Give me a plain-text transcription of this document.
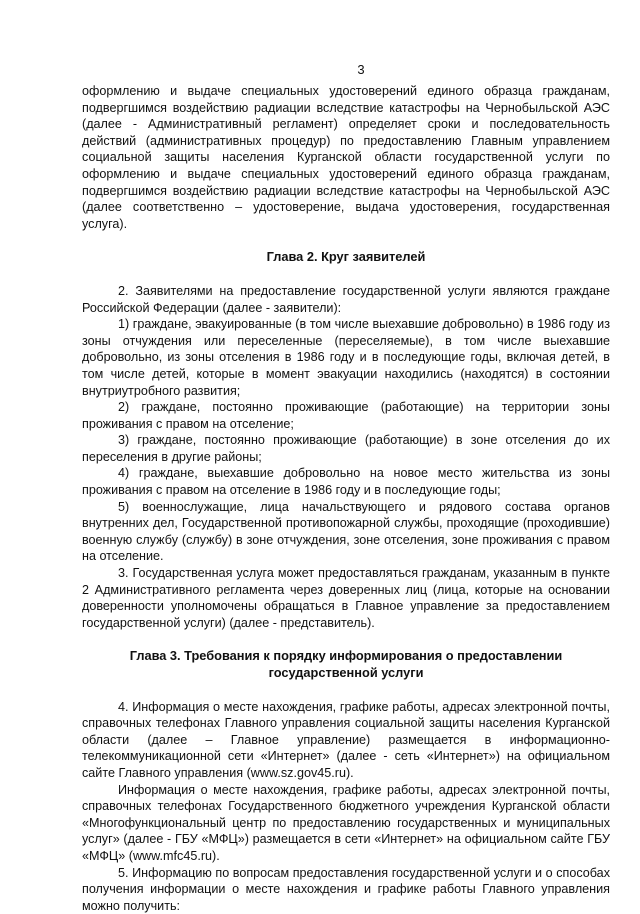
3

оформлению и выдаче специальных удостоверений единого образца гражданам, подвергшимся воздействию радиации вследствие катастрофы на Чернобыльской АЭС (далее - Административный регламент) определяет сроки и последовательность действий (административных процедур) по предоставлению Главным управлением социальной защиты населения Курганской области государственной услуги по оформлению и выдаче специальных удостоверений единого образца гражданам, подвергшимся воздействию радиации вследствие катастрофы на Чернобыльской АЭС (далее соответственно – удостоверение, выдача удостоверения, государственная услуга).

Глава 2. Круг заявителей

2. Заявителями на предоставление государственной услуги являются граждане Российской Федерации (далее - заявители):

1) граждане, эвакуированные (в том числе выехавшие добровольно) в 1986 году из зоны отчуждения или переселенные (переселяемые), в том числе выехавшие добровольно, из зоны отселения в 1986 году и в последующие годы, включая детей, в том числе детей, которые в момент эвакуации находились (находятся) в состоянии внутриутробного развития;

2) граждане, постоянно проживающие (работающие) на территории зоны проживания с правом на отселение;

3) граждане, постоянно проживающие (работающие) в зоне отселения до их переселения в другие районы;

4) граждане, выехавшие добровольно на новое место жительства из зоны проживания с правом на отселение в 1986 году и в последующие годы;

5) военнослужащие, лица начальствующего и рядового состава органов внутренних дел, Государственной противопожарной службы, проходящие (проходившие) военную службу (службу) в зоне отчуждения, зоне отселения, зоне проживания с правом на отселение.

3. Государственная услуга может предоставляться гражданам, указанным в пункте 2 Административного регламента через доверенных лиц (лица, которые на основании доверенности уполномочены обращаться в Главное управление за предоставлением государственной услуги) (далее - представитель).

Глава 3. Требования к порядку информирования о предоставлении

государственной услуги

4. Информация о месте нахождения, графике работы, адресах электронной почты, справочных телефонах Главного управления социальной защиты населения Курганской области (далее – Главное управление) размещается в информационно-телекоммуникационной сети «Интернет» (далее - сеть «Интернет») на официальном сайте Главного управления (www.sz.gov45.ru).

Информация о месте нахождения, графике работы, адресах электронной почты, справочных телефонах Государственного бюджетного учреждения Курганской области «Многофункциональный центр по предоставлению государственных и муниципальных услуг» (далее - ГБУ «МФЦ») размещается в сети «Интернет» на официальном сайте ГБУ «МФЦ» (www.mfc45.ru).

5. Информацию по вопросам предоставления государственной услуги и о способах получения информации о месте нахождения и графике работы Главного управления можно получить:
